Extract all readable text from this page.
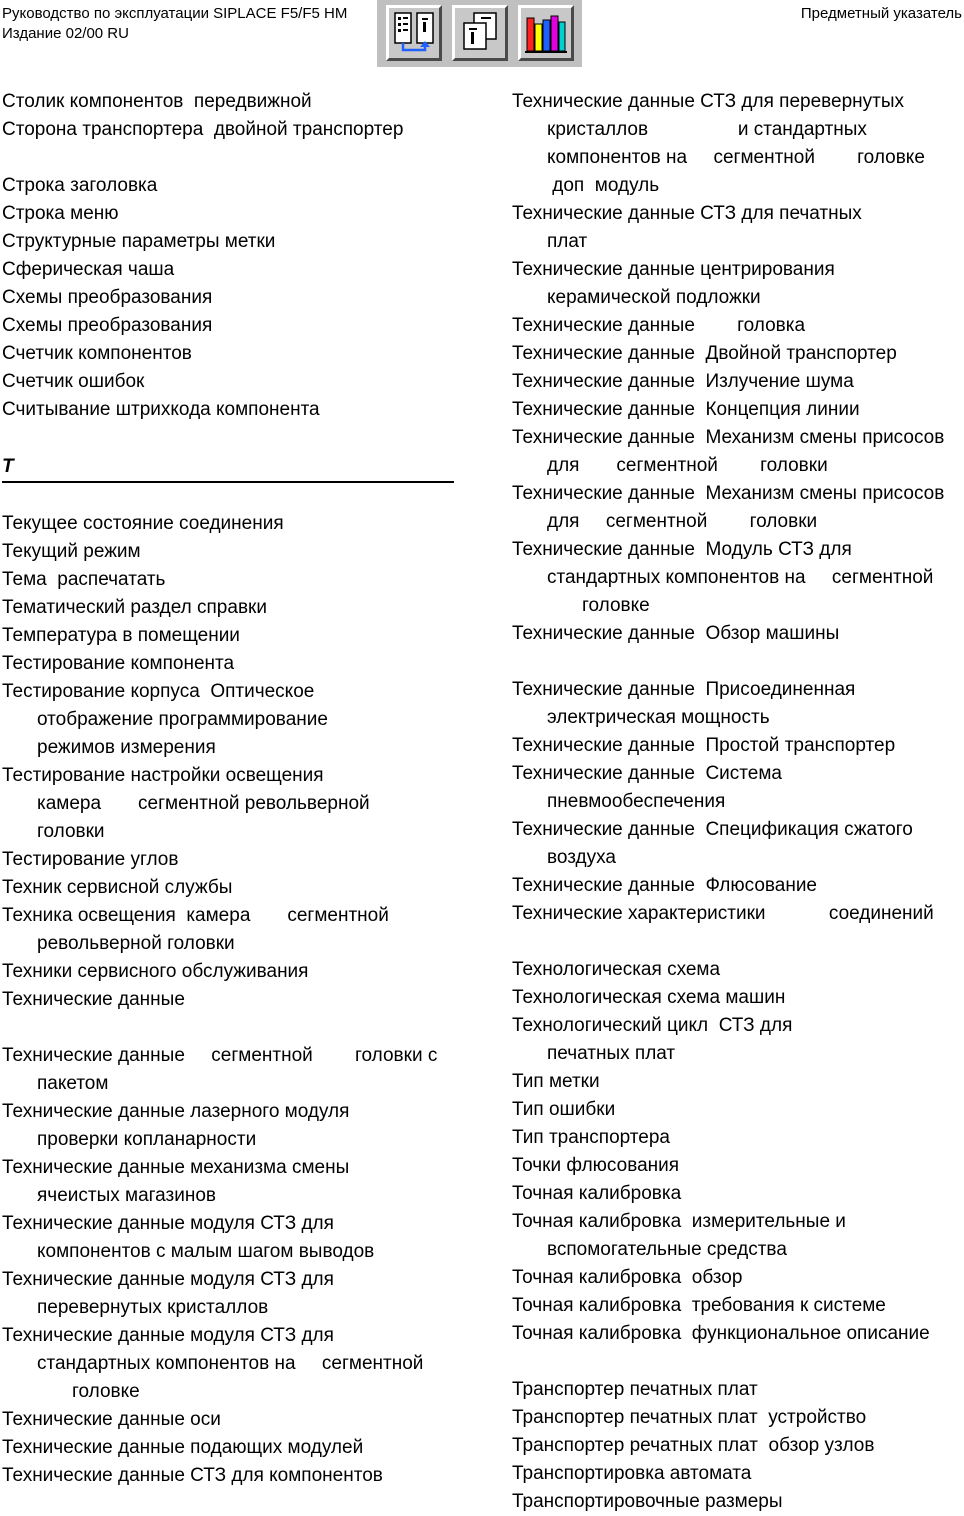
Руководство по эксплуатации SIPLACE F5/F5 HM
Издание 02/00 RU
Предметный указатель
Столик компонентов  передвижной
Сторона транспортера  двойной транспортер
Строка заголовка
Строка меню
Структурные параметры метки
Сферическая чаша
Схемы преобразования
Схемы преобразования
Счетчик компонентов
Счетчик ошибок
Считывание штрихкода компонента
T
Текущее состояние соединения
Текущий режим
Тема  распечатать
Тематический раздел справки
Температура в помещении
Тестирование компонента
Тестирование корпуса  Оптическое
отображение программирование
режимов измерения
Тестирование настройки освещения
камера       сегментной револьверной
головки
Тестирование углов
Техник сервисной службы
Техника освещения  камера       сегментной
револьверной головки
Техники сервисного обслуживания
Технические данные
Технические данные     сегментной        головки с
пакетом
Технические данные лазерного модуля
проверки копланарности
Технические данные механизма смены
ячеистых магазинов
Технические данные модуля СТЗ для
компонентов с малым шагом выводов
Технические данные модуля СТЗ для
перевернутых кристаллов
Технические данные модуля СТЗ для
стандартных компонентов на     сегментной
головке
Технические данные оси
Технические данные подающих модулей
Технические данные СТЗ для компонентов
Технические данные СТЗ для перевернутых
кристаллов                 и стандартных
компонентов на     сегментной        головке
доп  модуль
Технические данные СТЗ для печатных
плат
Технические данные центрирования
керамической подложки
Технические данные        головка
Технические данные  Двойной транспортер
Технические данные  Излучение шума
Технические данные  Концепция линии
Технические данные  Механизм смены присосов
для       сегментной        головки
Технические данные  Механизм смены присосов
для     сегментной        головки
Технические данные  Модуль СТЗ для
стандартных компонентов на     сегментной
головке
Технические данные  Обзор машины
Технические данные  Присоединенная
электрическая мощность
Технические данные  Простой транспортер
Технические данные  Система
пневмообеспечения
Технические данные  Спецификация сжатого
воздуха
Технические данные  Флюсование
Технические характеристики            соединений
Технологическая схема
Технологическая схема машин
Технологический цикл  СТЗ для
печатных плат
Тип метки
Тип ошибки
Тип транспортера
Точки флюсования
Точная калибровка
Точная калибровка  измерительные и
вспомогательные средства
Точная калибровка  обзор
Точная калибровка  требования к системе
Точная калибровка  функциональное описание
Транспортер печатных плат
Транспортер печатных плат  устройство
Транспортер речатных плат  обзор узлов
Транспортировка автомата
Транспортировочные размеры
